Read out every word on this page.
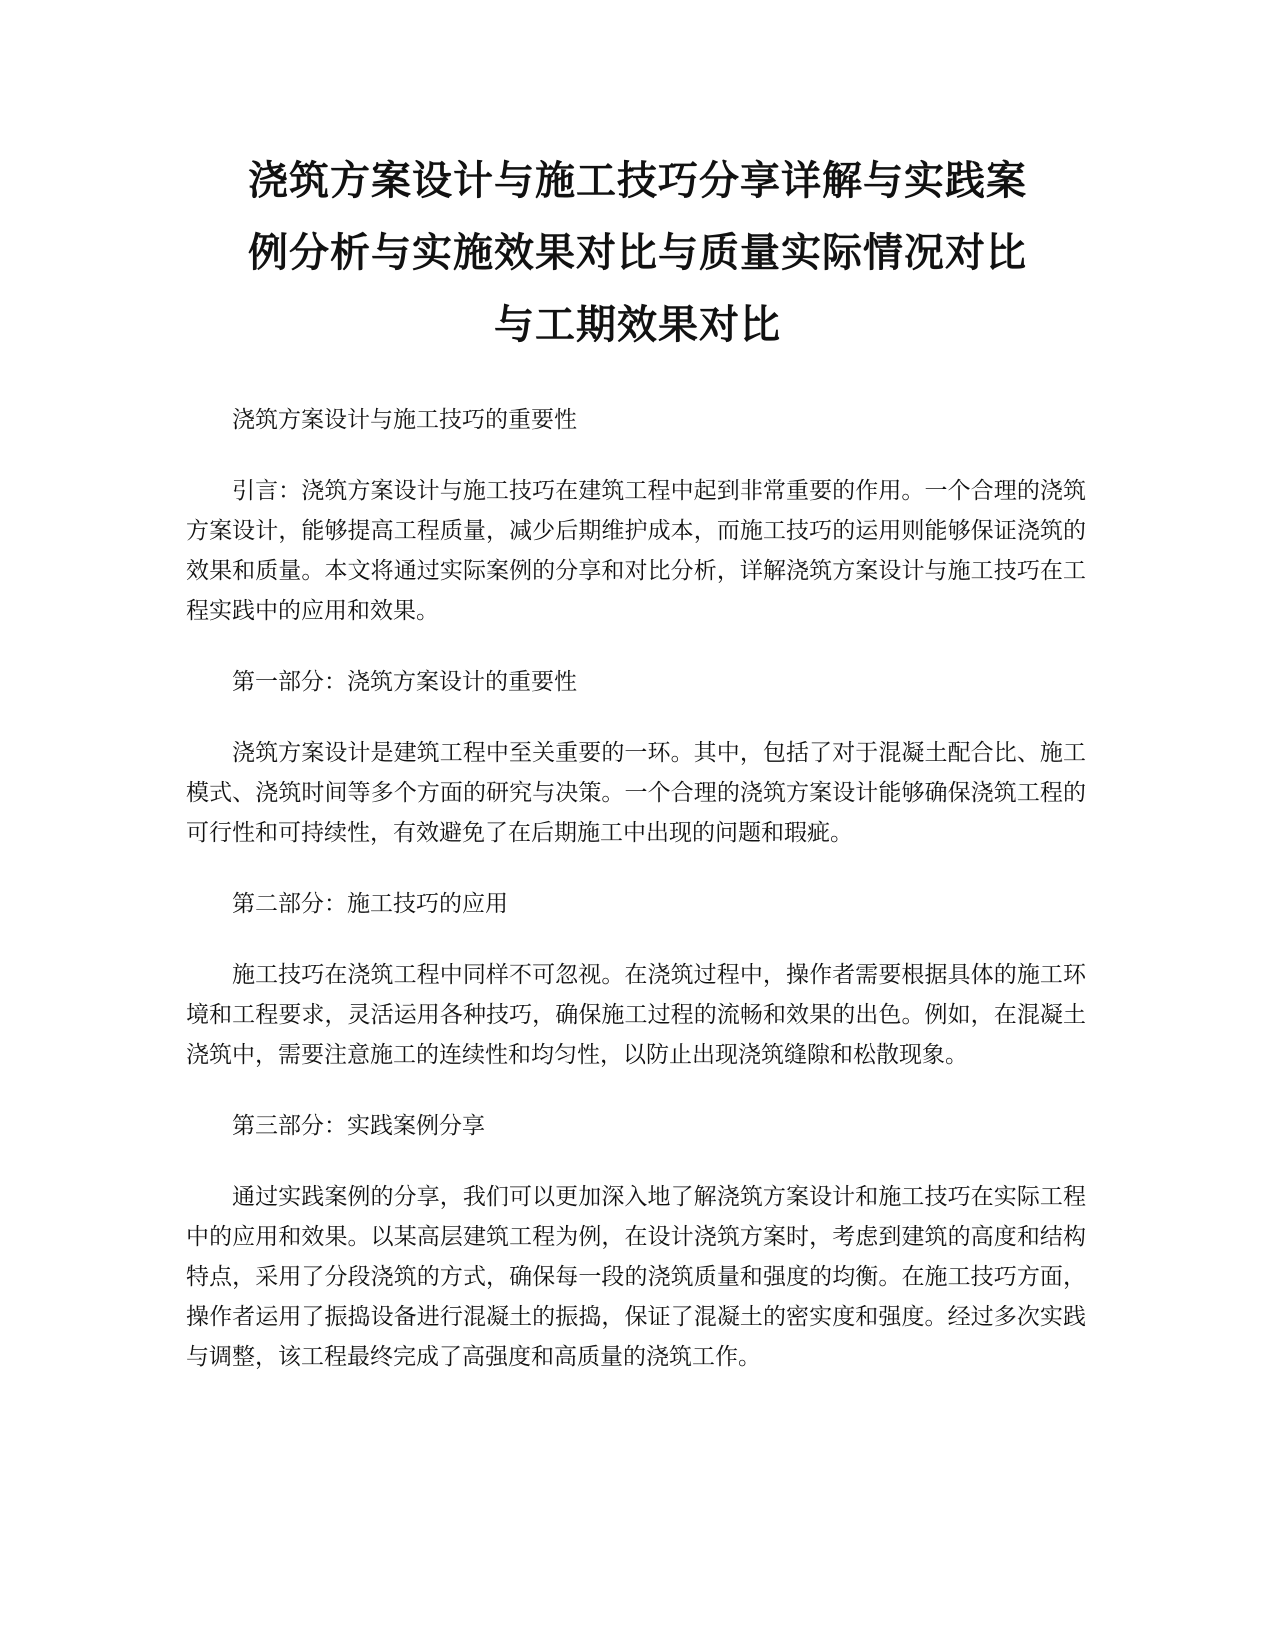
浇筑方案设计与施工技巧分享详解与实践案
例分析与实施效果对比与质量实际情况对比
与工期效果对比

浇筑方案设计与施工技巧的重要性

引言：浇筑方案设计与施工技巧在建筑工程中起到非常重要的作用。一个合理的浇筑方案设计，能够提高工程质量，减少后期维护成本，而施工技巧的运用则能够保证浇筑的效果和质量。本文将通过实际案例的分享和对比分析，详解浇筑方案设计与施工技巧在工程实践中的应用和效果。

第一部分：浇筑方案设计的重要性

浇筑方案设计是建筑工程中至关重要的一环。其中，包括了对于混凝土配合比、施工模式、浇筑时间等多个方面的研究与决策。一个合理的浇筑方案设计能够确保浇筑工程的可行性和可持续性，有效避免了在后期施工中出现的问题和瑕疵。

第二部分：施工技巧的应用

施工技巧在浇筑工程中同样不可忽视。在浇筑过程中，操作者需要根据具体的施工环境和工程要求，灵活运用各种技巧，确保施工过程的流畅和效果的出色。例如，在混凝土浇筑中，需要注意施工的连续性和均匀性，以防止出现浇筑缝隙和松散现象。

第三部分：实践案例分享

通过实践案例的分享，我们可以更加深入地了解浇筑方案设计和施工技巧在实际工程中的应用和效果。以某高层建筑工程为例，在设计浇筑方案时，考虑到建筑的高度和结构特点，采用了分段浇筑的方式，确保每一段的浇筑质量和强度的均衡。在施工技巧方面，操作者运用了振捣设备进行混凝土的振捣，保证了混凝土的密实度和强度。经过多次实践与调整，该工程最终完成了高强度和高质量的浇筑工作。
